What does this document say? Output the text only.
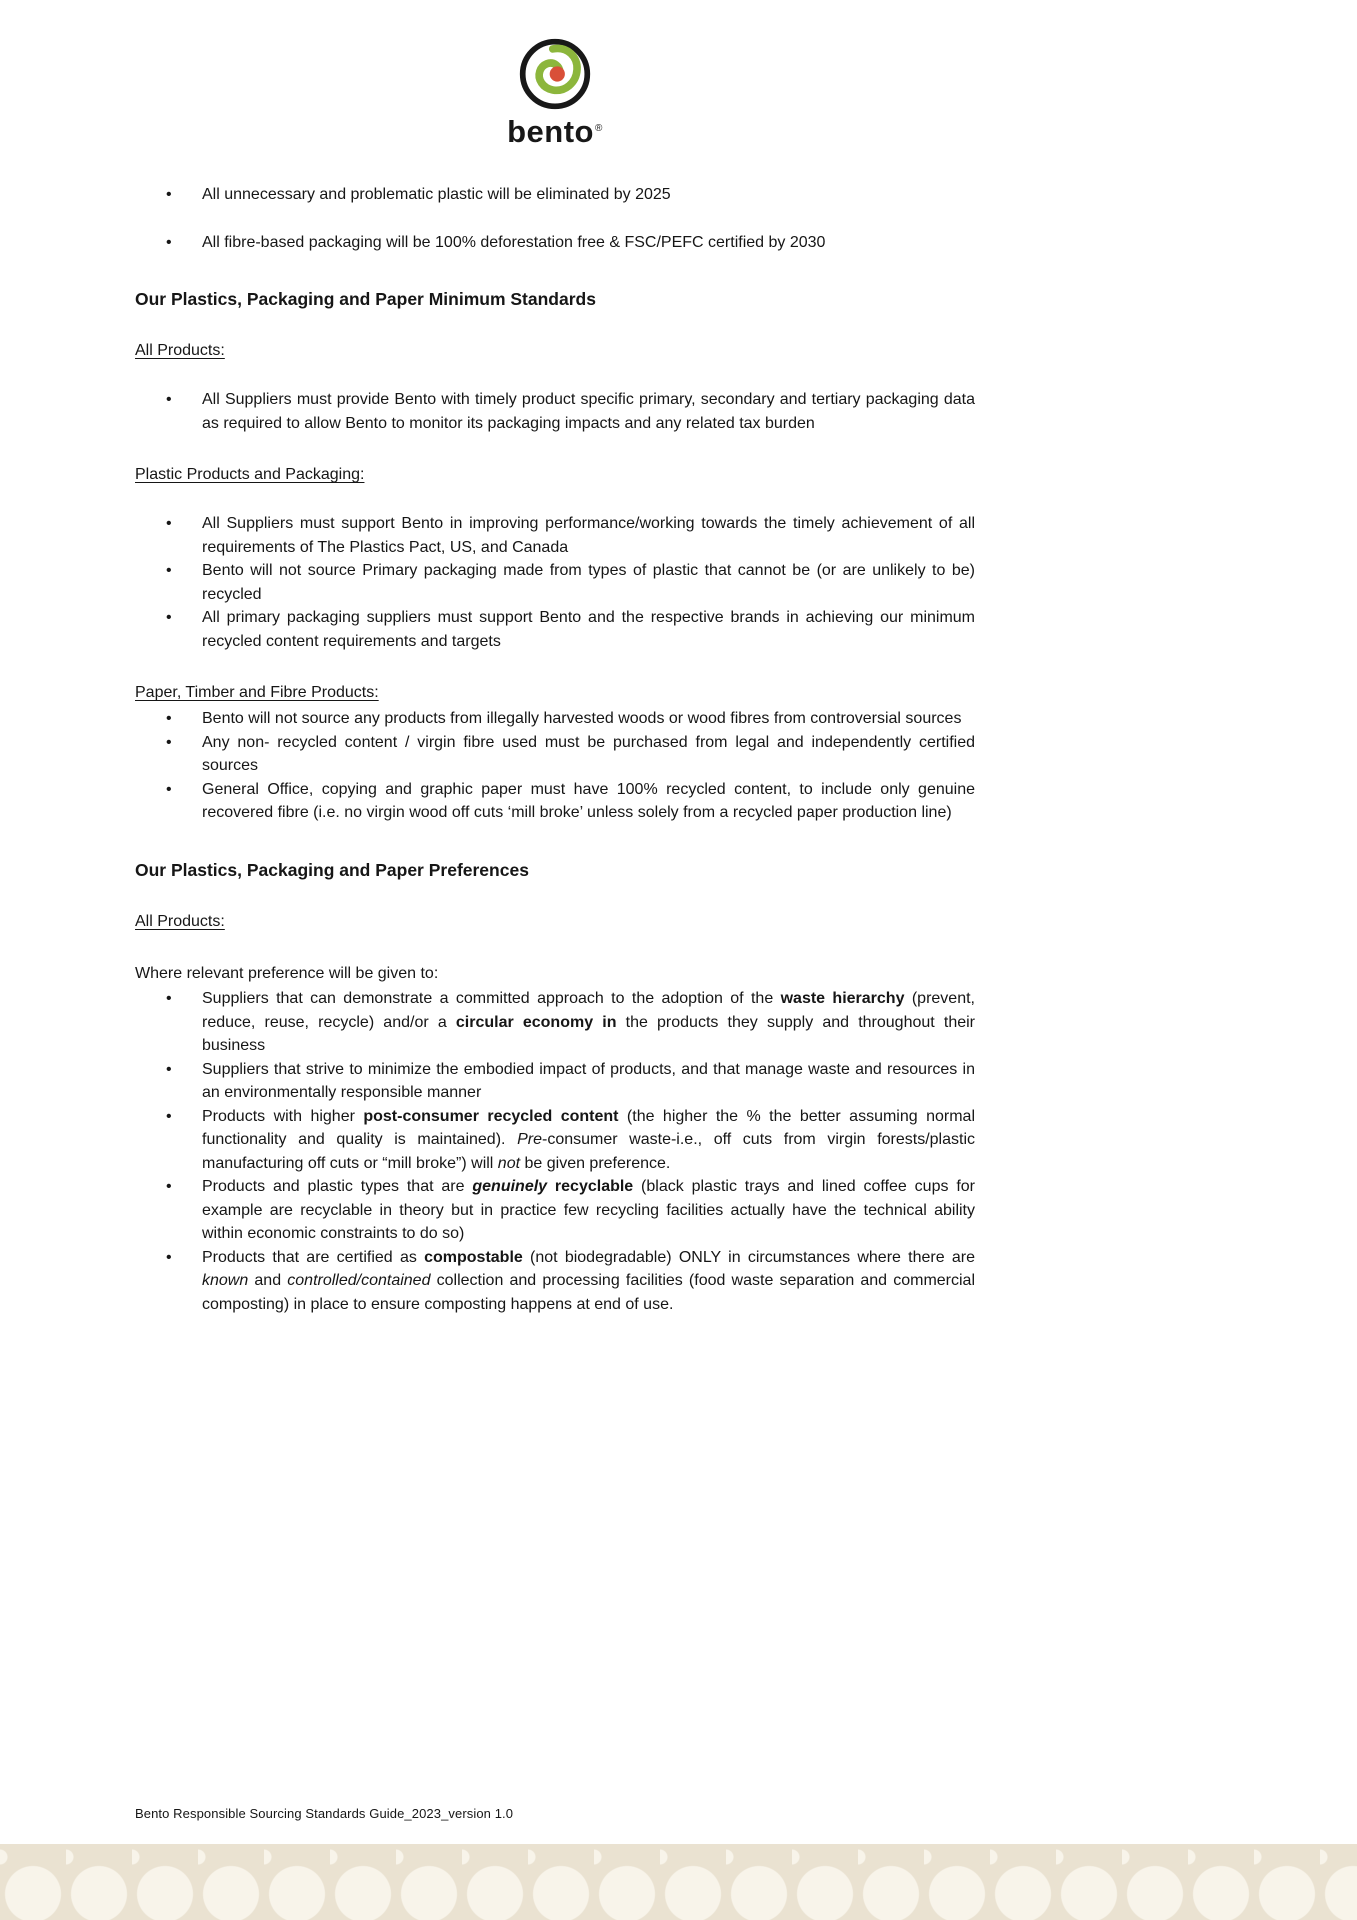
bento®
• All unnecessary and problematic plastic will be eliminated by 2025
• All fibre-based packaging will be 100% deforestation free & FSC/PEFC certified by 2030
Our Plastics, Packaging and Paper Minimum Standards
All Products:
• All Suppliers must provide Bento with timely product specific primary, secondary and tertiary packaging data as required to allow Bento to monitor its packaging impacts and any related tax burden
Plastic Products and Packaging:
• All Suppliers must support Bento in improving performance/working towards the timely achievement of all requirements of The Plastics Pact, US, and Canada
• Bento will not source Primary packaging made from types of plastic that cannot be (or are unlikely to be) recycled
• All primary packaging suppliers must support Bento and the respective brands in achieving our minimum recycled content requirements and targets
Paper, Timber and Fibre Products:
• Bento will not source any products from illegally harvested woods or wood fibres from controversial sources
• Any non- recycled content / virgin fibre used must be purchased from legal and independently certified sources
• General Office, copying and graphic paper must have 100% recycled content, to include only genuine recovered fibre (i.e. no virgin wood off cuts ‘mill broke’ unless solely from a recycled paper production line)
Our Plastics, Packaging and Paper Preferences
All Products:

Where relevant preference will be given to:

• Suppliers that can demonstrate a committed approach to the adoption of the waste hierarchy (prevent, reduce, reuse, recycle) and/or a circular economy in the products they supply and throughout their business
• Suppliers that strive to minimize the embodied impact of products, and that manage waste and resources in an environmentally responsible manner
• Products with higher post-consumer recycled content (the higher the % the better assuming normal functionality and quality is maintained). Pre-consumer waste-i.e., off cuts from virgin forests/plastic manufacturing off cuts or “mill broke”) will not be given preference.
• Products and plastic types that are genuinely recyclable (black plastic trays and lined coffee cups for example are recyclable in theory but in practice few recycling facilities actually have the technical ability within economic constraints to do so)
• Products that are certified as compostable (not biodegradable) ONLY in circumstances where there are known and controlled/contained collection and processing facilities (food waste separation and commercial composting) in place to ensure composting happens at end of use.
Bento Responsible Sourcing Standards Guide_2023_version 1.0
